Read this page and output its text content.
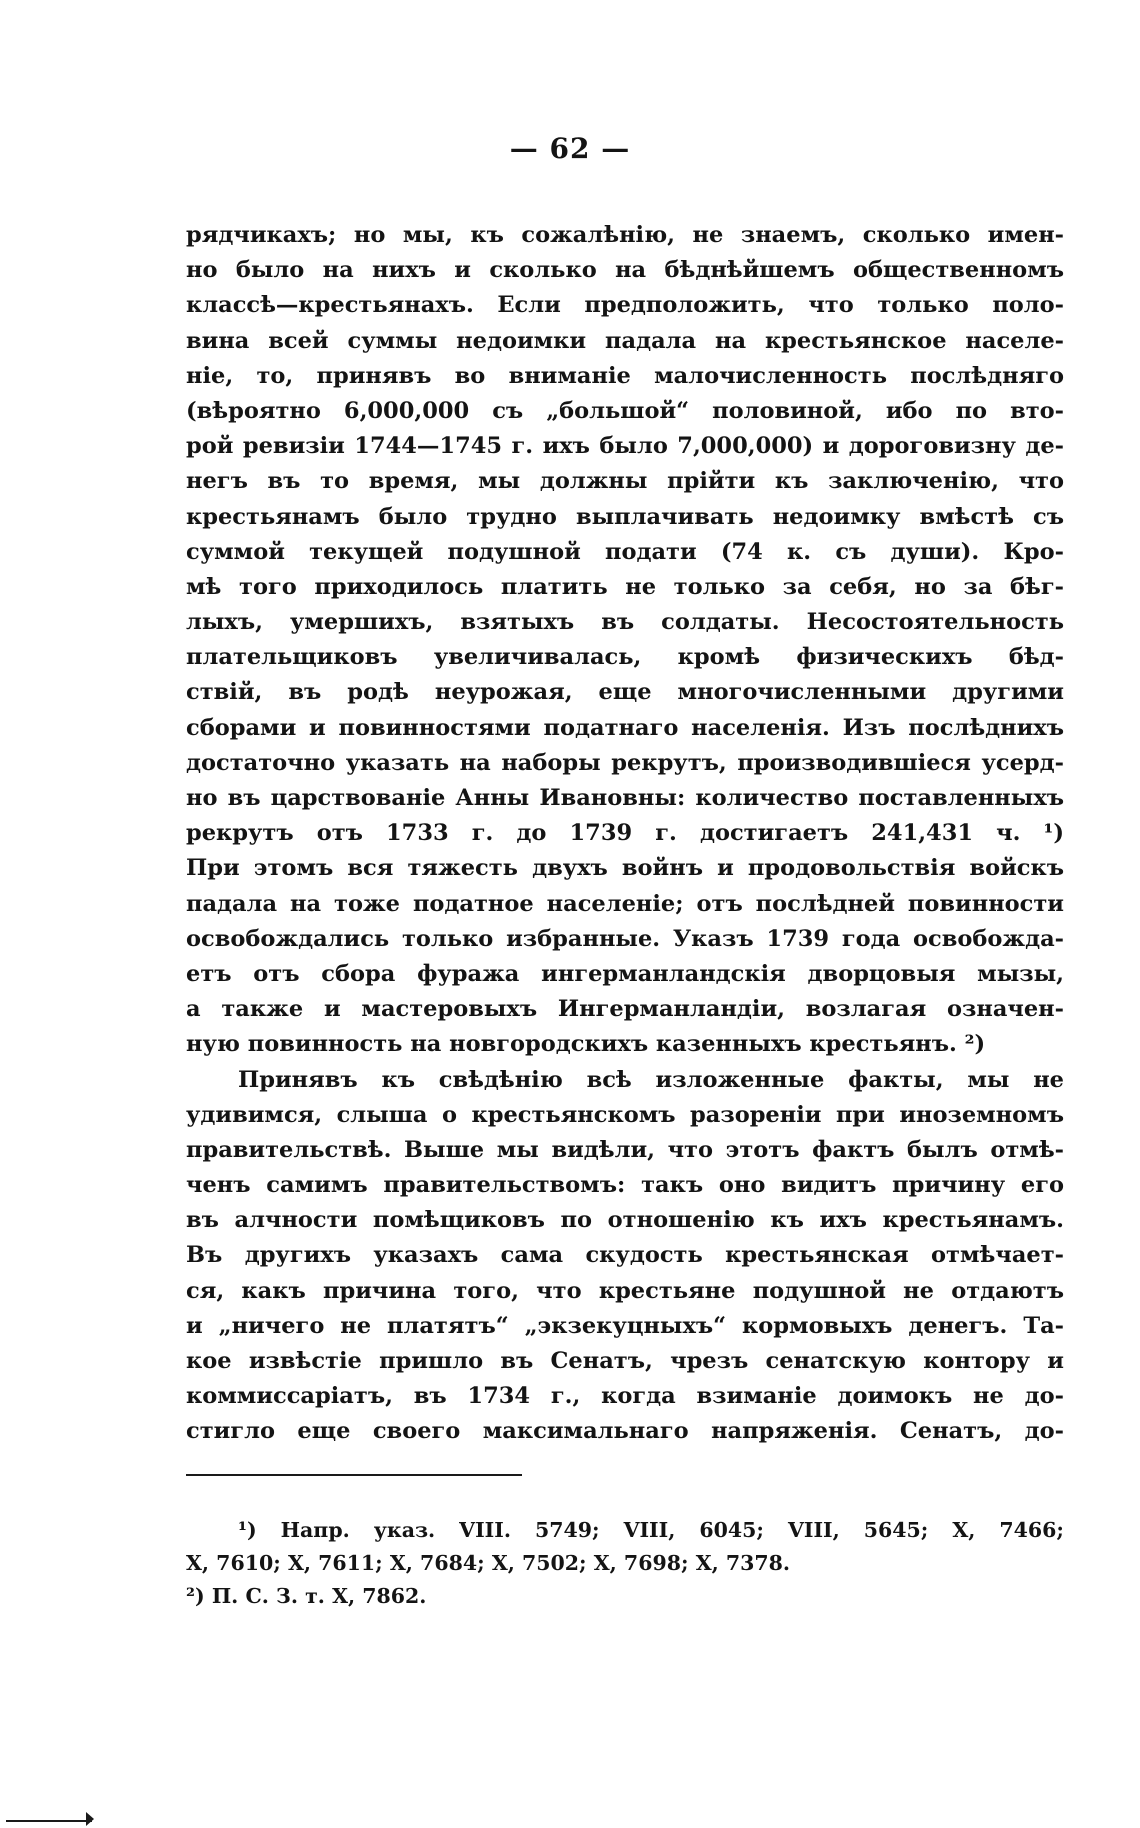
— 62 —
рядчикахъ; но мы, къ сожалѣнію, не знаемъ, сколько имен-
но было на нихъ и сколько на бѣднѣйшемъ общественномъ
классѣ—крестьянахъ. Если предположить, что только поло-
вина всей суммы недоимки падала на крестьянское населе-
ніе, то, принявъ во вниманіе малочисленность послѣдняго
(вѣроятно 6,000,000 съ „большой“ половиной, ибо по вто-
рой ревизіи 1744—1745 г. ихъ было 7,000,000) и дороговизну де-
негъ въ то время, мы должны прійти къ заключенію, что
крестьянамъ было трудно выплачивать недоимку вмѣстѣ съ
суммой текущей подушной подати (74 к. съ души). Кро-
мѣ того приходилось платить не только за себя, но за бѣг-
лыхъ, умершихъ, взятыхъ въ солдаты. Несостоятельность
плательщиковъ увеличивалась, кромѣ физическихъ бѣд-
ствій, въ родѣ неурожая, еще многочисленными другими
сборами и повинностями податнаго населенія. Изъ послѣднихъ
достаточно указать на наборы рекрутъ, производившіеся усерд-
но въ царствованіе Анны Ивановны: количество поставленныхъ
рекрутъ отъ 1733 г. до 1739 г. достигаетъ 241,431 ч. ¹)
При этомъ вся тяжесть двухъ войнъ и продовольствія войскъ
падала на тоже податное населеніе; отъ послѣдней повинности
освобождались только избранные. Указъ 1739 года освобожда-
етъ отъ сбора фуража ингерманландскія дворцовыя мызы,
а также и мастеровыхъ Ингерманландіи, возлагая означен-
ную повинность на новгородскихъ казенныхъ крестьянъ. ²)
Принявъ къ свѣдѣнію всѣ изложенные факты, мы не
удивимся, слыша о крестьянскомъ разореніи при иноземномъ
правительствѣ. Выше мы видѣли, что этотъ фактъ былъ отмѣ-
ченъ самимъ правительствомъ: такъ оно видитъ причину его
въ алчности помѣщиковъ по отношенію къ ихъ крестьянамъ.
Въ другихъ указахъ сама скудость крестьянская отмѣчает-
ся, какъ причина того, что крестьяне подушной не отдаютъ
и „ничего не платятъ“ „экзекуцныхъ“ кормовыхъ денегъ. Та-
кое извѣстіе пришло въ Сенатъ, чрезъ сенатскую контору и
коммиссаріатъ, въ 1734 г., когда взиманіе доимокъ не до-
стигло еще своего максимальнаго напряженія. Сенатъ, до-
¹) Напр. указ. VIII. 5749; VIII, 6045; VIII, 5645; X, 7466;
X, 7610; X, 7611; X, 7684; X, 7502; X, 7698; X, 7378.
²) П. С. З. т. X, 7862.
